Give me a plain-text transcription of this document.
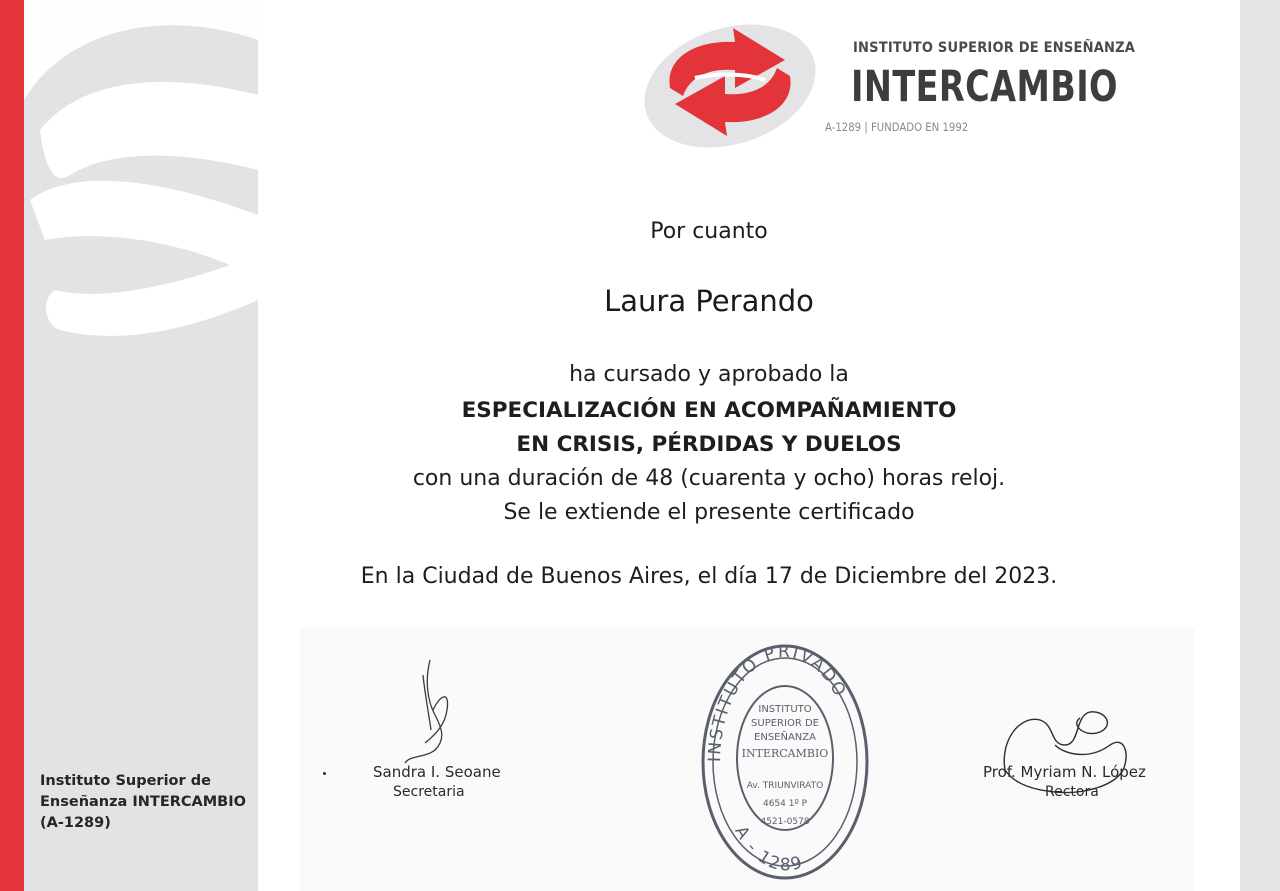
Instituto Superior de
Enseñanza INTERCAMBIO
(A-1289)
INSTITUTO SUPERIOR DE ENSEÑANZA
INTERCAMBIO
A-1289 | FUNDADO EN 1992
Por cuanto
Laura Perando
ha cursado y aprobado la
ESPECIALIZACIÓN EN ACOMPAÑAMIENTO
EN CRISIS, PÉRDIDAS Y DUELOS
con una duración de 48 (cuarenta y ocho) horas reloj.
Se le extiende el presente certificado
En la Ciudad de Buenos Aires, el día 17 de Diciembre del 2023.
Sandra I. Seoane
Secretaria
INSTITUTO PRIVADO
A - 1289
INSTITUTO
SUPERIOR DE
ENSEÑANZA
INTERCAMBIO
Av. TRIUNVIRATO
4654 1º P
4521-0578
Prof. Myriam N. López
Rectora
